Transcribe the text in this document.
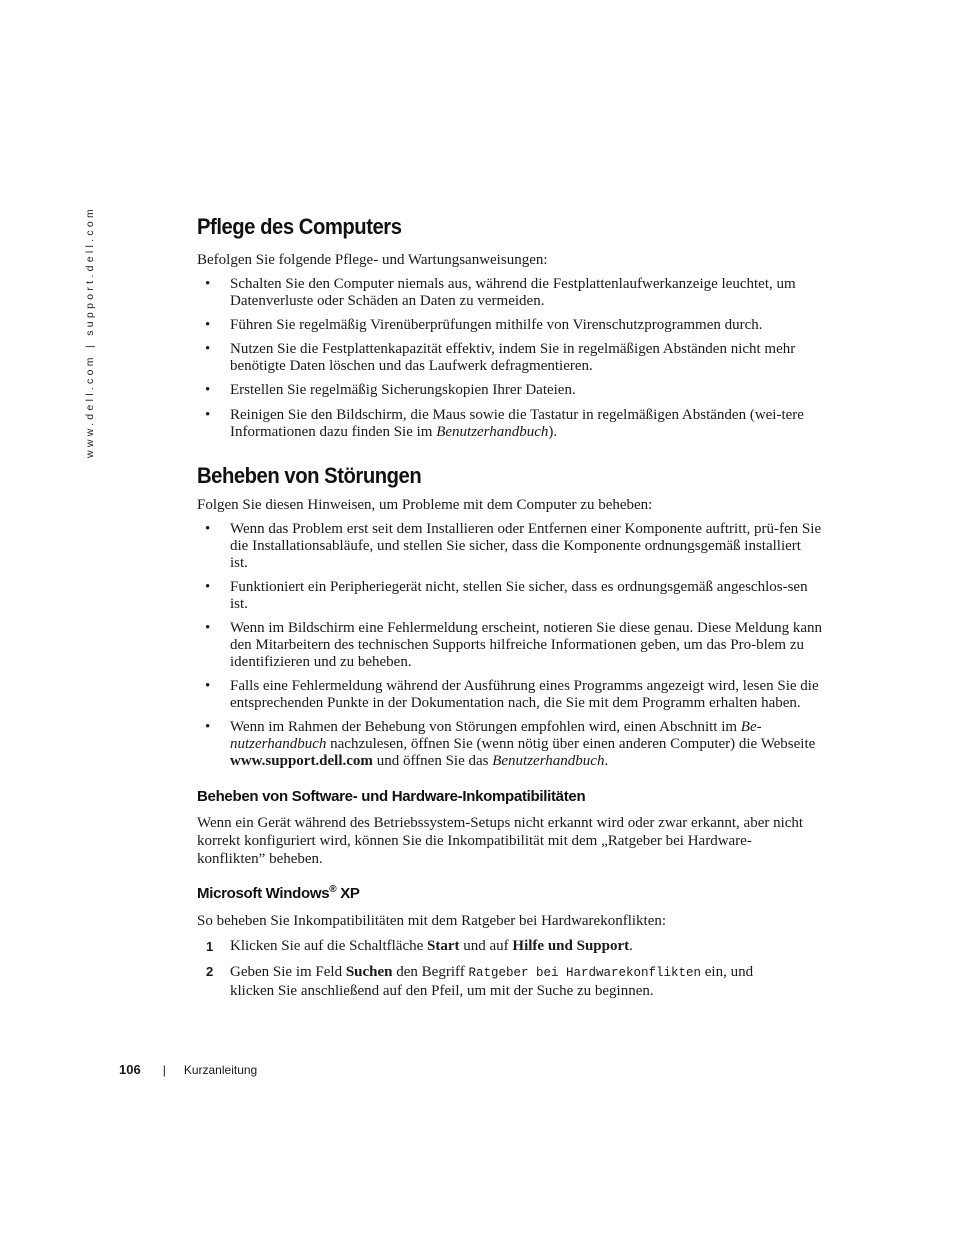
www.dell.com | support.dell.com	Pflege des Computers

Befolgen Sie folgende Pflege- und Wartungsanweisungen:

• Schalten Sie den Computer niemals aus, während die Festplattenlaufwerkanzeige leuchtet, um Datenverluste oder Schäden an Daten zu vermeiden.
• Führen Sie regelmäßig Virenüberprüfungen mithilfe von Virenschutzprogrammen durch.
• Nutzen Sie die Festplattenkapazität effektiv, indem Sie in regelmäßigen Abständen nicht mehr benötigte Daten löschen und das Laufwerk defragmentieren.
• Erstellen Sie regelmäßig Sicherungskopien Ihrer Dateien.
• Reinigen Sie den Bildschirm, die Maus sowie die Tastatur in regelmäßigen Abständen (wei-tere Informationen dazu finden Sie im Benutzerhandbuch).
Beheben von Störungen

Folgen Sie diesen Hinweisen, um Probleme mit dem Computer zu beheben:

• Wenn das Problem erst seit dem Installieren oder Entfernen einer Komponente auftritt, prü-fen Sie die Installationsabläufe, und stellen Sie sicher, dass die Komponente ordnungsgemäß installiert ist.
• Funktioniert ein Peripheriegerät nicht, stellen Sie sicher, dass es ordnungsgemäß angeschlos-sen ist.
• Wenn im Bildschirm eine Fehlermeldung erscheint, notieren Sie diese genau. Diese Meldung kann den Mitarbeitern des technischen Supports hilfreiche Informationen geben, um das Pro-blem zu identifizieren und zu beheben.
• Falls eine Fehlermeldung während der Ausführung eines Programms angezeigt wird, lesen Sie die entsprechenden Punkte in der Dokumentation nach, die Sie mit dem Programm erhalten haben.
• Wenn im Rahmen der Behebung von Störungen empfohlen wird, einen Abschnitt im Be-nutzerhandbuch nachzulesen, öffnen Sie (wenn nötig über einen anderen Computer) die Webseite www.support.dell.com und öffnen Sie das Benutzerhandbuch.
Beheben von Software- und Hardware-Inkompatibilitäten

Wenn ein Gerät während des Betriebssystem-Setups nicht erkannt wird oder zwar erkannt, aber nicht korrekt konfiguriert wird, können Sie die Inkompatibilität mit dem „Ratgeber bei Hardware-konflikten” beheben.

Microsoft Windows® XP

So beheben Sie Inkompatibilitäten mit dem Ratgeber bei Hardwarekonflikten:

1 Klicken Sie auf die Schaltfläche Start und auf Hilfe und Support.
2 Geben Sie im Feld Suchen den Begriff Ratgeber bei Hardwarekonflikten ein, und klicken Sie anschließend auf den Pfeil, um mit der Suche zu beginnen.
106 | Kurzanleitung
